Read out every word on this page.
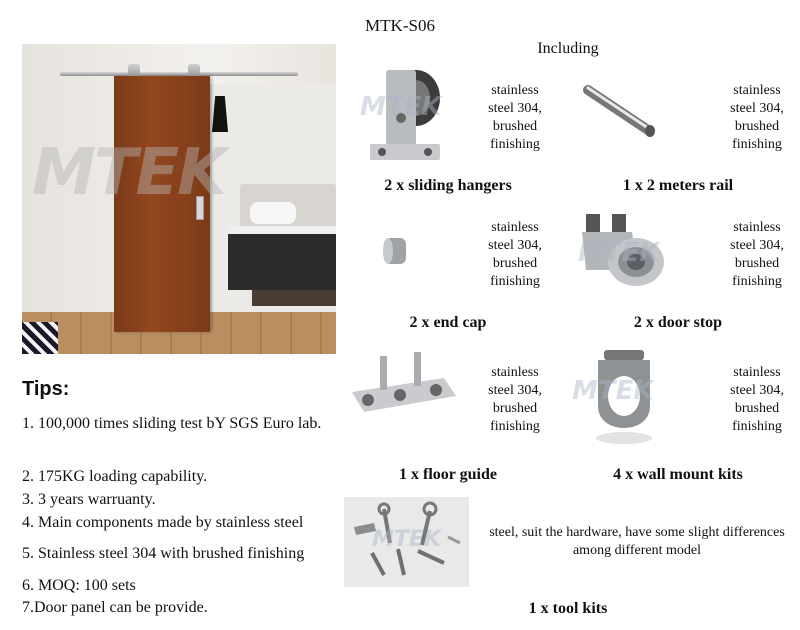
MTK-S06
Including
MTEK
MTEK
stainless
steel 304,
brushed
finishing
2 x sliding hangers
stainless
steel 304,
brushed
finishing
1 x 2 meters rail
stainless
steel 304,
brushed
finishing
2 x end cap
MTEK
stainless
steel 304,
brushed
finishing
2 x door stop
stainless
steel 304,
brushed
finishing
1 x floor guide
MTEK
stainless
steel 304,
brushed
finishing
4 x wall mount kits
Tips:
1. 100,000 times sliding test bY SGS Euro lab.
2. 175KG loading capability.
3. 3 years warruanty.
4. Main components made by stainless steel
5. Stainless steel 304 with brushed finishing
6. MOQ: 100 sets
7.Door panel can be provide.
MTEK	steel, suit the hardware, have some slight differences
among different model
1 x tool kits
